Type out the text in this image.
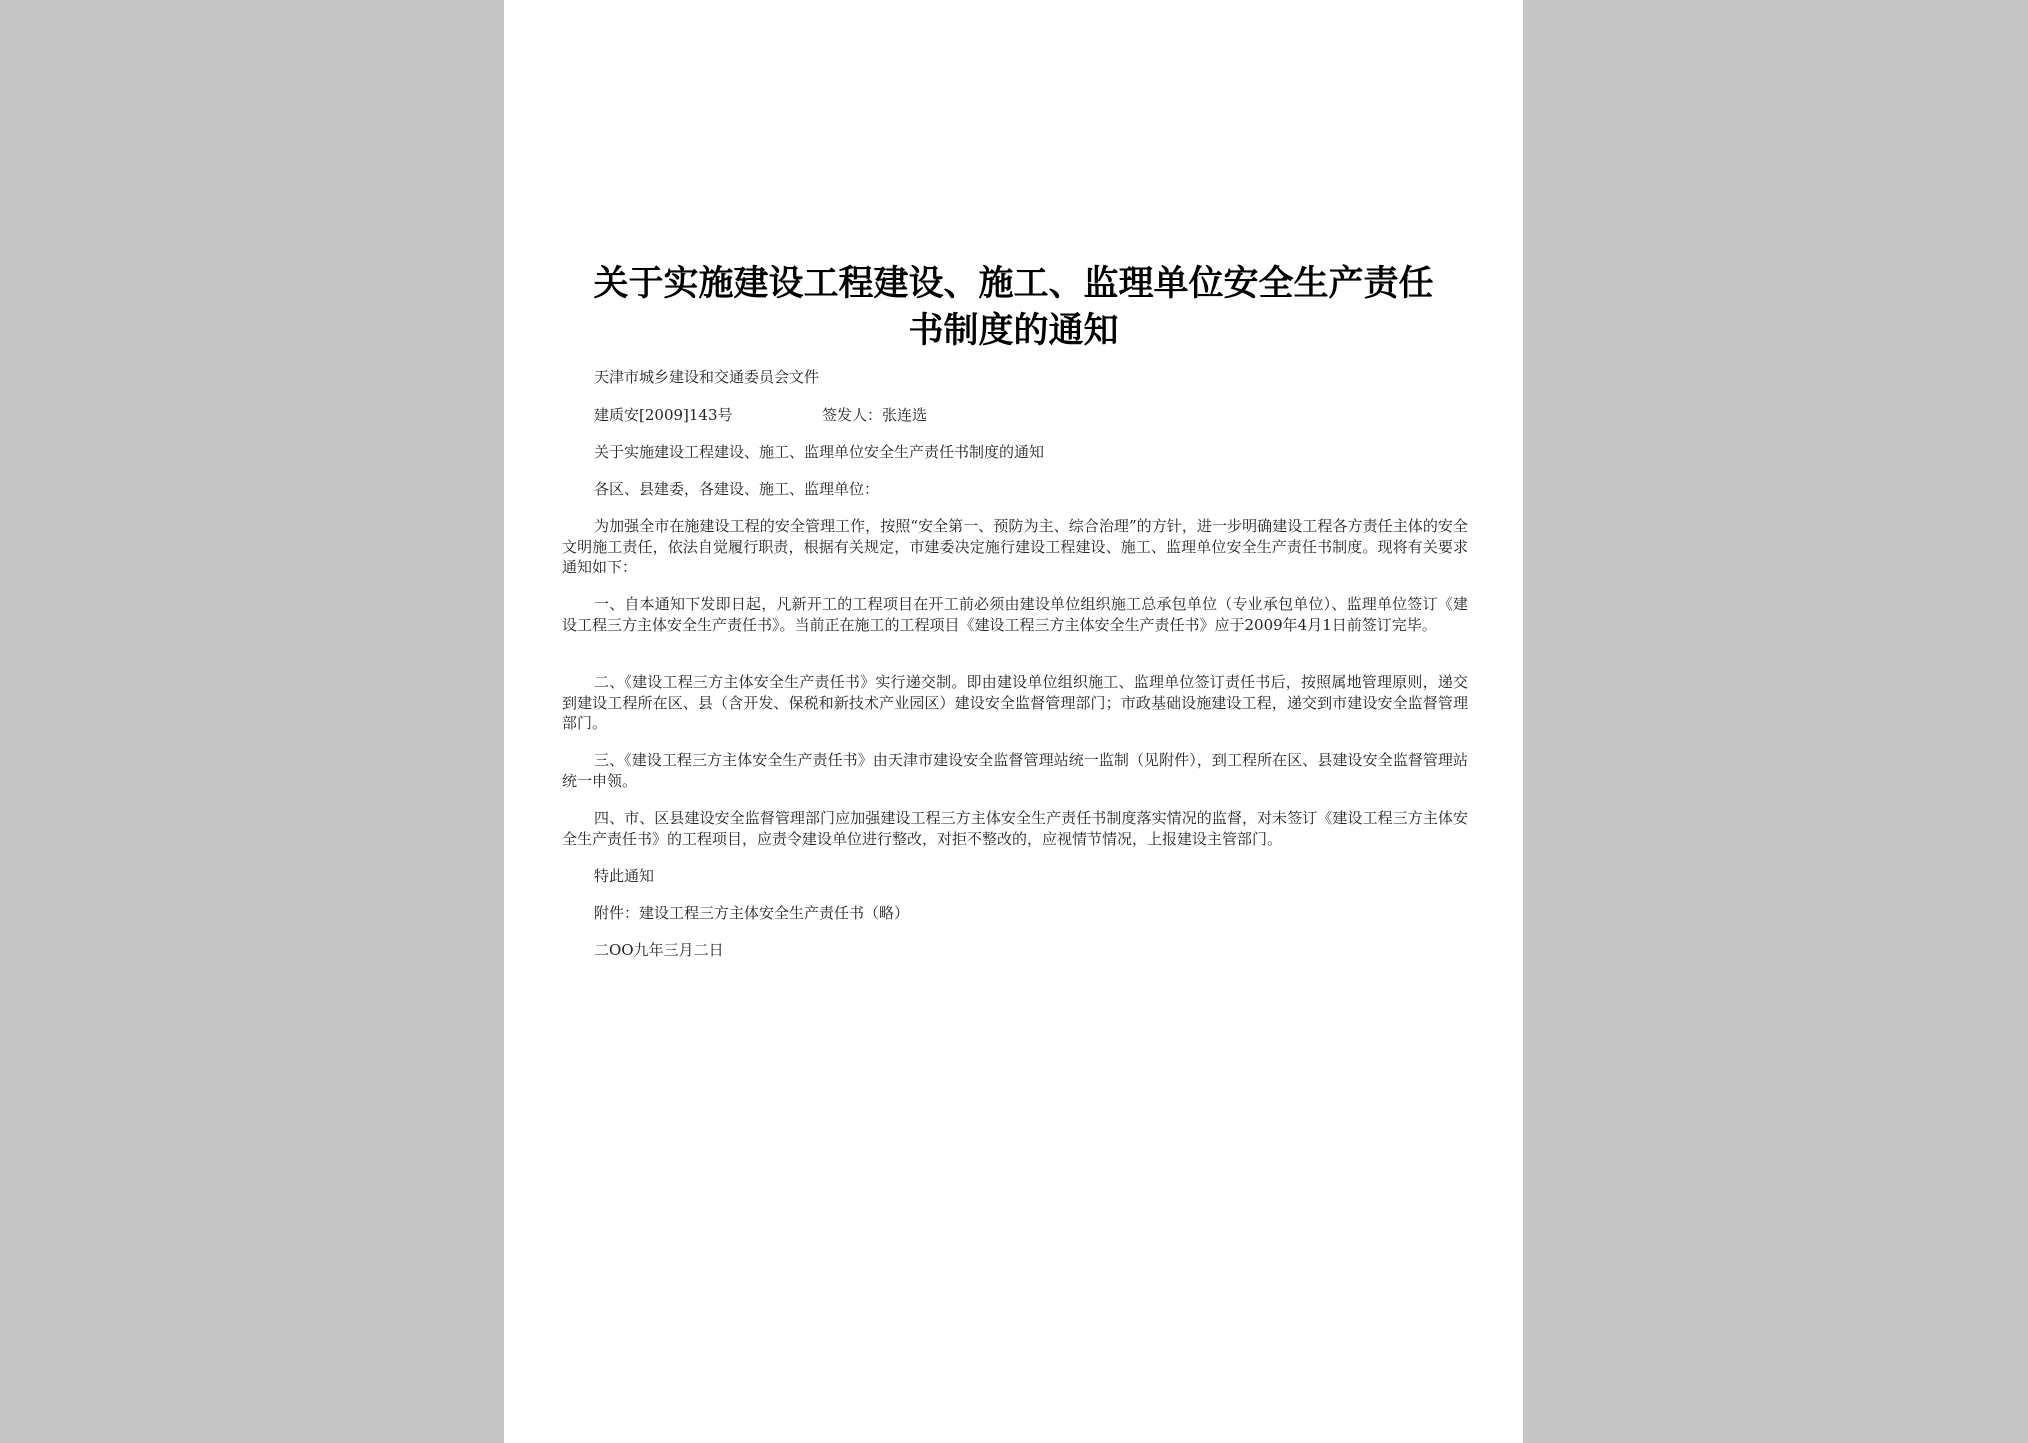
关于实施建设工程建设、施工、监理单位安全生产责任
书制度的通知
天津市城乡建设和交通委员会文件
建质安[2009]143号	签发人：张连选
关于实施建设工程建设、施工、监理单位安全生产责任书制度的通知
各区、县建委，各建设、施工、监理单位：
为加强全市在施建设工程的安全管理工作，按照“安全第一、预防为主、综合治理”的方针，进一步明确建设工程各方责任主体的安全文明施工责任，依法自觉履行职责，根据有关规定，市建委决定施行建设工程建设、施工、监理单位安全生产责任书制度。现将有关要求通知如下：
一、自本通知下发即日起，凡新开工的工程项目在开工前必须由建设单位组织施工总承包单位（专业承包单位）、监理单位签订《建设工程三方主体安全生产责任书》。当前正在施工的工程项目《建设工程三方主体安全生产责任书》应于2009年4月1日前签订完毕。
二、《建设工程三方主体安全生产责任书》实行递交制。即由建设单位组织施工、监理单位签订责任书后，按照属地管理原则，递交到建设工程所在区、县（含开发、保税和新技术产业园区）建设安全监督管理部门；市政基础设施建设工程，递交到市建设安全监督管理部门。
三、《建设工程三方主体安全生产责任书》由天津市建设安全监督管理站统一监制（见附件），到工程所在区、县建设安全监督管理站统一申领。
四、市、区县建设安全监督管理部门应加强建设工程三方主体安全生产责任书制度落实情况的监督，对未签订《建设工程三方主体安全生产责任书》的工程项目，应责令建设单位进行整改，对拒不整改的，应视情节情况，上报建设主管部门。
特此通知
附件：建设工程三方主体安全生产责任书（略）
二OO九年三月二日
